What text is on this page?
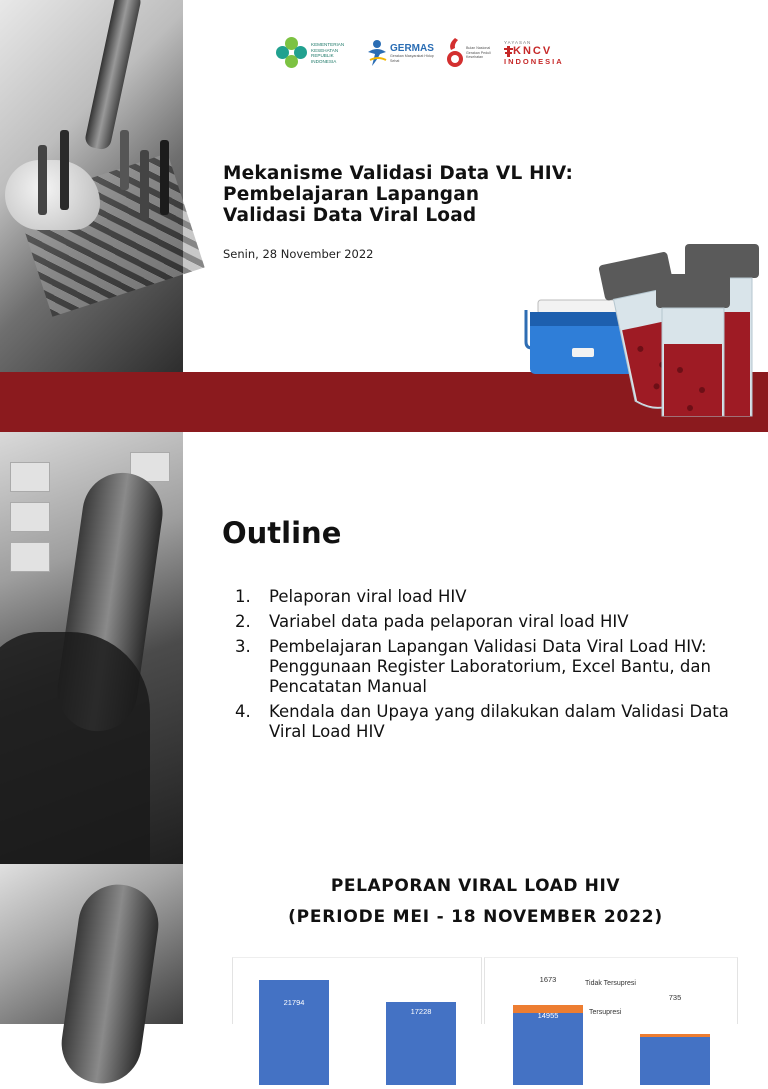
KEMENTERIAN KESEHATAN REPUBLIK INDONESIA
GERMAS
Gerakan Masyarakat Hidup Sehat
Bulan Nasional Gerakan Peduli Kesehatan
YAYASAN
KNCV
INDONESIA
Mekanisme Validasi Data VL HIV:
Pembelajaran Lapangan
Validasi Data Viral Load
Senin, 28 November 2022
Outline
1.	Pelaporan viral load HIV
2.	Variabel data pada pelaporan viral load HIV
3.	Pembelajaran Lapangan Validasi Data Viral Load HIV: Penggunaan Register Laboratorium, Excel Bantu, dan Pencatatan Manual
4.	Kendala dan Upaya yang dilakukan dalam Validasi Data Viral Load HIV
PELAPORAN VIRAL LOAD HIV
(PERIODE MEI - 18 NOVEMBER 2022)
21794
17228
1673
14955
735
9962
Tidak Tersupresi
Tersupresi
